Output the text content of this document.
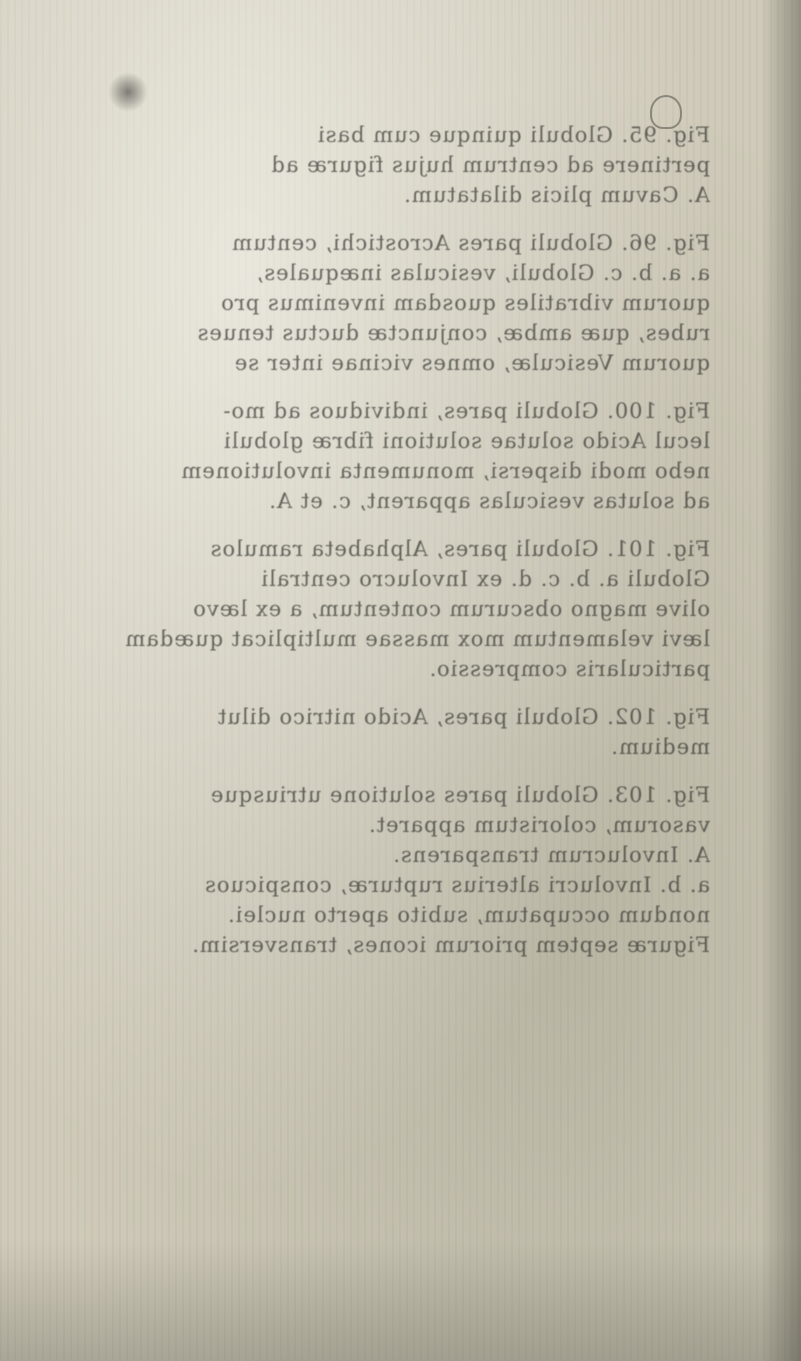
Fig. 95. Globuli quinque cum basi
pertinere ad centrum hujus figuræ ad
A. Cavum plicis dilatatum.
Fig. 96. Globuli pares Acrostichi, centum
a. a. b. c. Globuli, vesiculas inæquales,
quorum vibratiles quosdam invenimus pro
rubes, quæ ambæ, conjunctæ ductus tenues
quorum Vesiculæ, omnes vicinae inter se
Fig. 100. Globuli pares, individuos ad mo-
lecul Acido solutae solutioni fibræ globuli
nebo modi dispersi, monumenta involutionem
ad solutas vesiculas apparent, c. et A.
Fig. 101. Globuli pares, Alphabeta ramulos
Globuli a. b. c. d. ex Involucro centrali
olive magno obscurum contentum, a ex lævo
lævi velamentum mox massae multiplicat quædam
particularis compressio.
Fig. 102. Globuli pares, Acido nitrico dilut
medium.
Fig. 103. Globuli pares solutione utriusque
vasorum, coloristum apparet.
A. Involucrum transparens.
a. b. Involucri alterius rupturæ, conspicuos
nondum occupatum, subito aperto nuclei.
Figuræ septem priorum icones, transversim.
